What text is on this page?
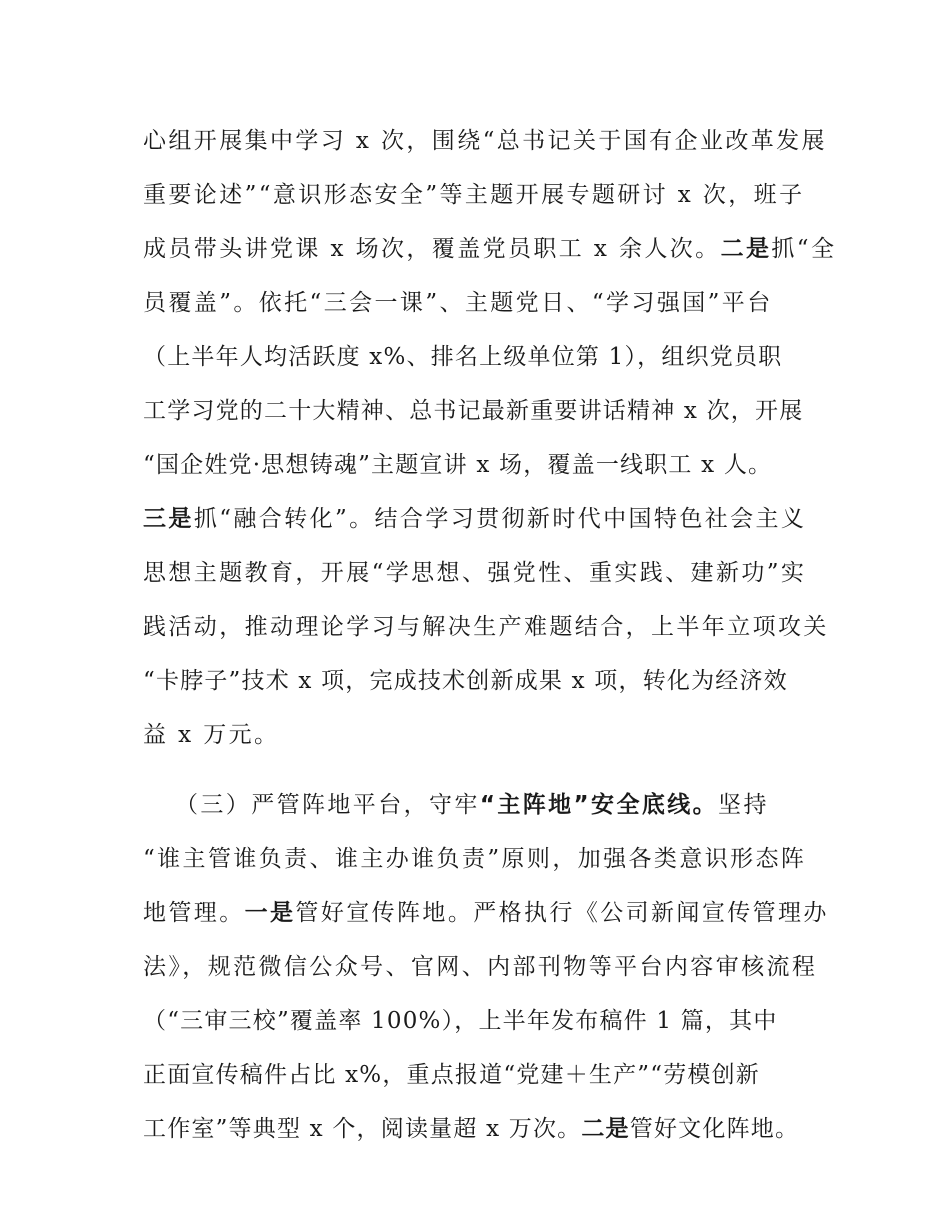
心组开展集中学习 x 次，围绕“总书记关于国有企业改革发展
重要论述”“意识形态安全”等主题开展专题研讨 x 次，班子
成员带头讲党课 x 场次，覆盖党员职工 x 余人次。二是抓“全
员覆盖”。依托“三会一课”、主题党日、“学习强国”平台
（上半年人均活跃度 x%、排名上级单位第 1），组织党员职
工学习党的二十大精神、总书记最新重要讲话精神 x 次，开展
“国企姓党·思想铸魂”主题宣讲 x 场，覆盖一线职工 x 人。
三是抓“融合转化”。结合学习贯彻新时代中国特色社会主义
思想主题教育，开展“学思想、强党性、重实践、建新功”实
践活动，推动理论学习与解决生产难题结合，上半年立项攻关
“卡脖子”技术 x 项，完成技术创新成果 x 项，转化为经济效
益 x 万元。
（三）严管阵地平台，守牢“主阵地”安全底线。坚持
“谁主管谁负责、谁主办谁负责”原则，加强各类意识形态阵
地管理。一是管好宣传阵地。严格执行《公司新闻宣传管理办
法》，规范微信公众号、官网、内部刊物等平台内容审核流程
（“三审三校”覆盖率 100%），上半年发布稿件 1 篇，其中
正面宣传稿件占比 x%，重点报道“党建＋生产”“劳模创新
工作室”等典型 x 个，阅读量超 x 万次。二是管好文化阵地。
